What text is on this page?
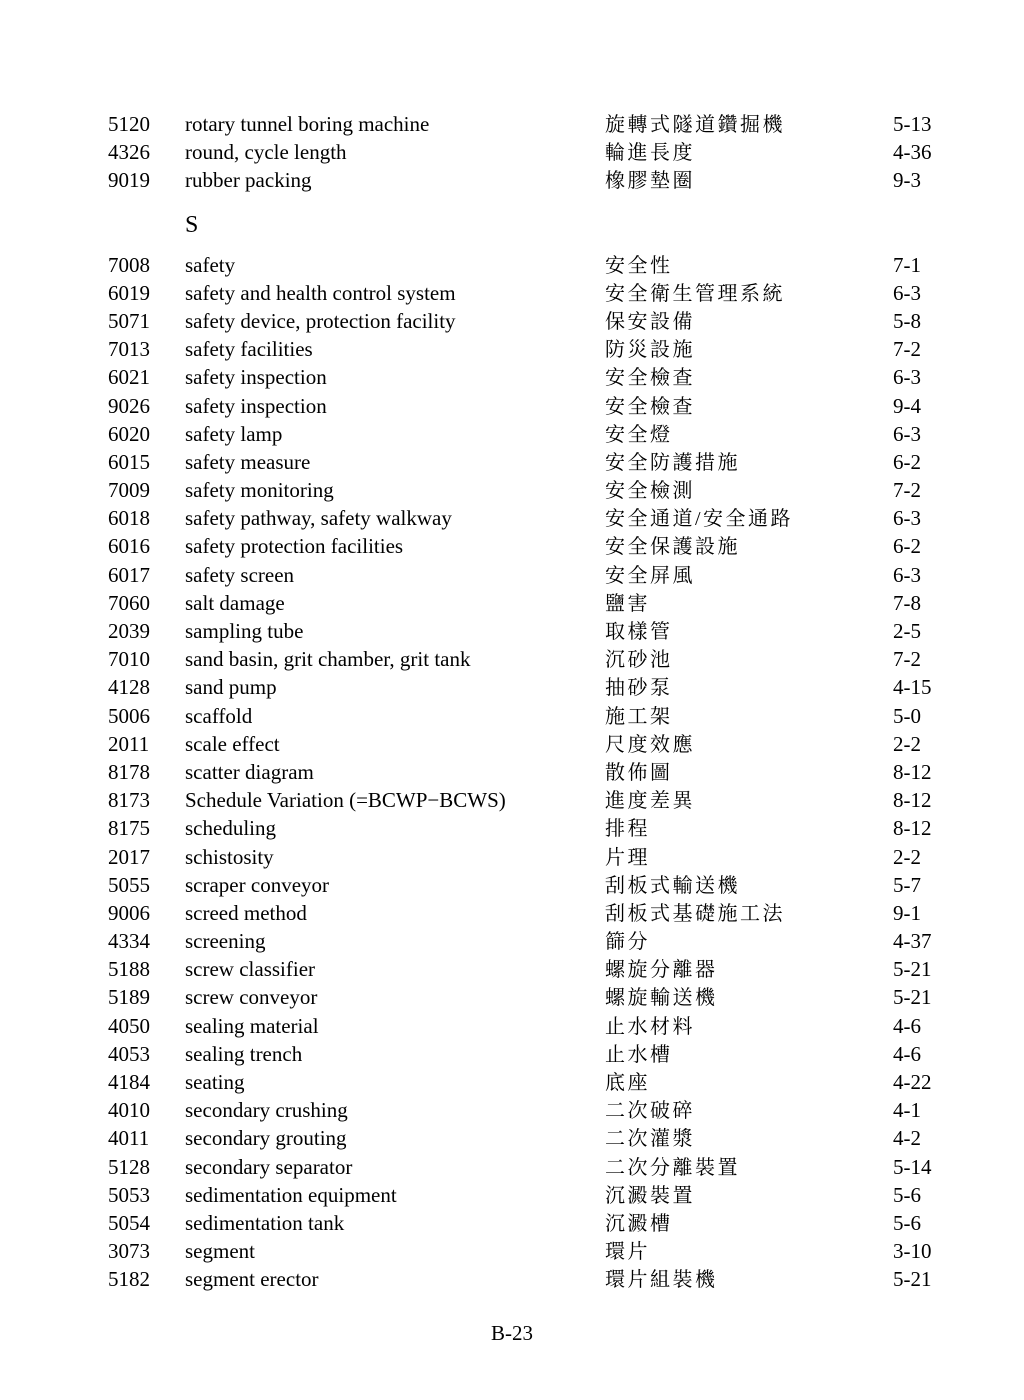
5120	rotary tunnel boring machine	旋轉式隧道鑽掘機	5-13
4326	round, cycle length	輪進長度	4-36
9019	rubber packing	橡膠墊圈	9-3
S
7008	safety	安全性	7-1
6019	safety and health control system	安全衛生管理系統	6-3
5071	safety device, protection facility	保安設備	5-8
7013	safety facilities	防災設施	7-2
6021	safety inspection	安全檢查	6-3
9026	safety inspection	安全檢查	9-4
6020	safety lamp	安全燈	6-3
6015	safety measure	安全防護措施	6-2
7009	safety monitoring	安全檢測	7-2
6018	safety pathway, safety walkway	安全通道/安全通路	6-3
6016	safety protection facilities	安全保護設施	6-2
6017	safety screen	安全屏風	6-3
7060	salt damage	鹽害	7-8
2039	sampling tube	取樣管	2-5
7010	sand basin, grit chamber, grit tank	沉砂池	7-2
4128	sand pump	抽砂泵	4-15
5006	scaffold	施工架	5-0
2011	scale effect	尺度效應	2-2
8178	scatter diagram	散佈圖	8-12
8173	Schedule Variation (=BCWP−BCWS)	進度差異	8-12
8175	scheduling	排程	8-12
2017	schistosity	片理	2-2
5055	scraper conveyor	刮板式輸送機	5-7
9006	screed method	刮板式基礎施工法	9-1
4334	screening	篩分	4-37
5188	screw classifier	螺旋分離器	5-21
5189	screw conveyor	螺旋輸送機	5-21
4050	sealing material	止水材料	4-6
4053	sealing trench	止水槽	4-6
4184	seating	底座	4-22
4010	secondary crushing	二次破碎	4-1
4011	secondary grouting	二次灌漿	4-2
5128	secondary separator	二次分離裝置	5-14
5053	sedimentation equipment	沉澱裝置	5-6
5054	sedimentation tank	沉澱槽	5-6
3073	segment	環片	3-10
5182	segment erector	環片組裝機	5-21
B-23
